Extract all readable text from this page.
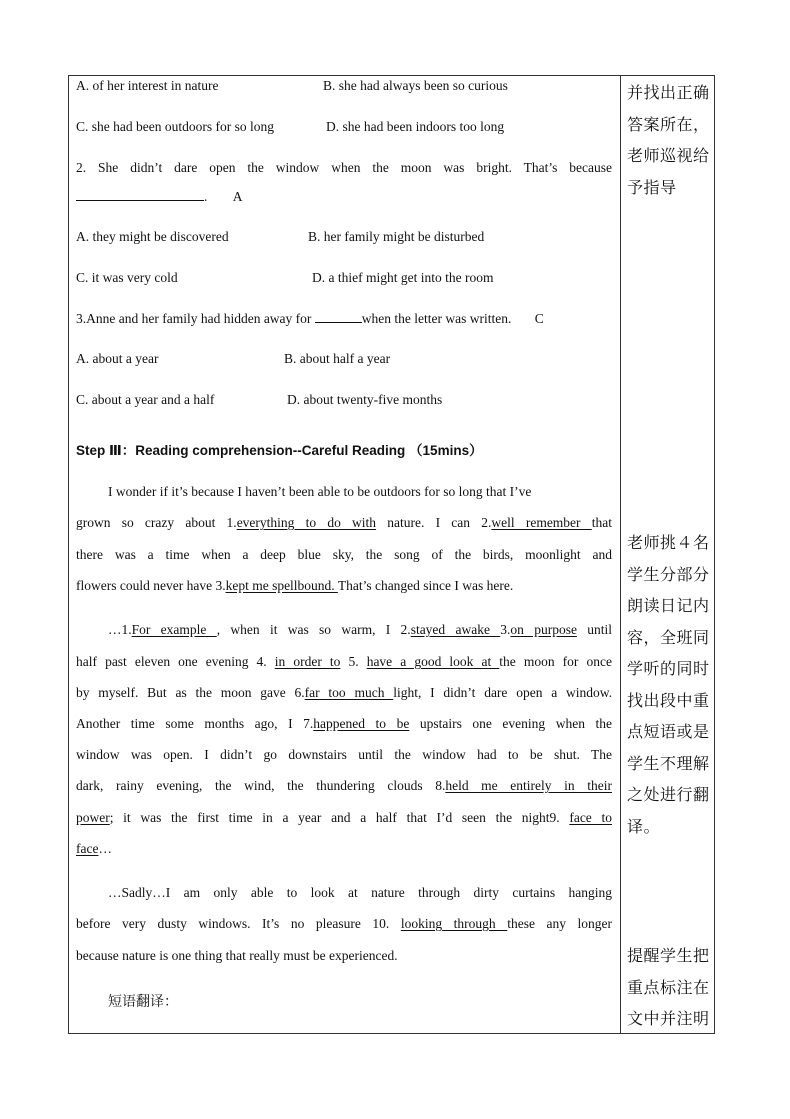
A. of her interest in nature	B. she had always been so curious
C. she had been outdoors for so long	D. she had been indoors too long
2. She didn’t dare open the window when the moon was bright. That’s because
. A
A. they might be discovered	B. her family might be disturbed
C. it was very cold	D. a thief might get into the room
3.Anne and her family had hidden away for	when the letter was written. C
A. about a year	B. about half a year
C. about a year and a half	D. about twenty-five months
Step Ⅲ：Reading comprehension--Careful Reading （15mins）
I wonder if it’s because I haven’t been able to be outdoors for so long that I’ve
grown so crazy about 1.everything to do with nature. I can 2.well remember that
there was a time when a deep blue sky, the song of the birds, moonlight and
flowers could never have 3.kept me spellbound. That’s changed since I was here.
…1.For example , when it was so warm, I 2.stayed awake 3.on purpose until
half past eleven one evening 4. in order to 5. have a good look at the moon for once
by myself. But as the moon gave 6.far too much light, I didn’t dare open a window.
Another time some months ago, I 7.happened to be upstairs one evening when the
window was open. I didn’t go downstairs until the window had to be shut. The
dark, rainy evening, the wind, the thundering clouds 8.held me entirely in their
power; it was the first time in a year and a half that I’d seen the night9. face to
face…
…Sadly…I am only able to look at nature through dirty curtains hanging
before very dusty windows. It’s no pleasure 10. looking through these any longer
because nature is one thing that really must be experienced.
短语翻译：
并找出正确
答案所在，
老师巡视给
予指导
老师挑４名
学生分部分
朗读日记内
容，全班同
学听的同时
找出段中重
点短语或是
学生不理解
之处进行翻
译。
提醒学生把
重点标注在
文中并注明
